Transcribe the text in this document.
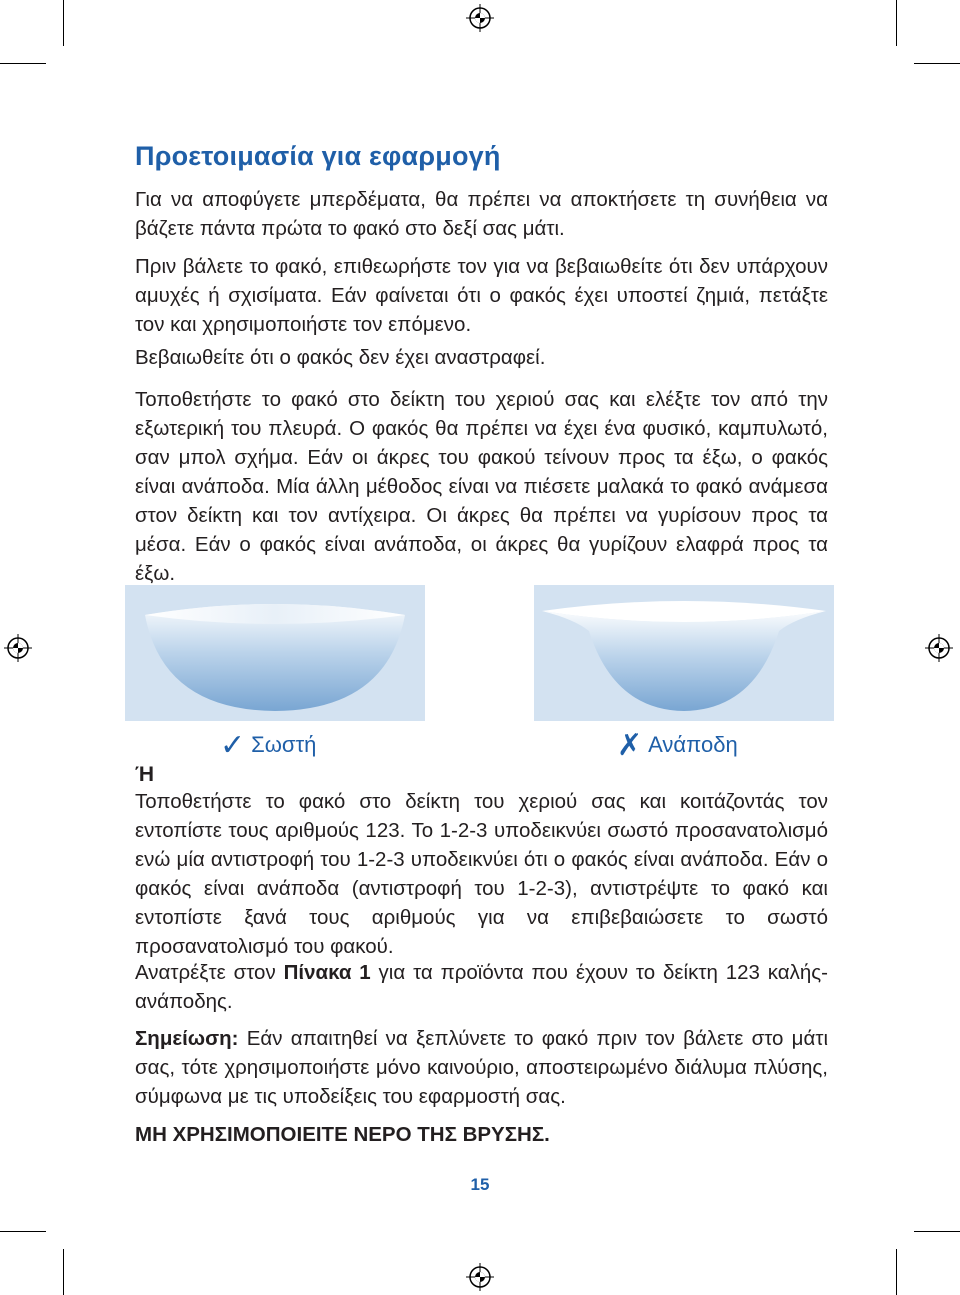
Προετοιμασία για εφαρμογή

Για να αποφύγετε μπερδέματα, θα πρέπει να αποκτήσετε τη συνήθεια να βάζετε πάντα πρώτα το φακό στο δεξί σας μάτι.

Πριν βάλετε το φακό, επιθεωρήστε τον για να βεβαιωθείτε ότι δεν υπάρχουν αμυχές ή σχισίματα. Εάν φαίνεται ότι ο φακός έχει υποστεί ζημιά, πετάξτε τον και χρησιμοποιήστε τον επόμενο.

Βεβαιωθείτε ότι ο φακός δεν έχει αναστραφεί.

Τοποθετήστε το φακό στο δείκτη του χεριού σας και ελέξτε τον από την εξωτερική του πλευρά. Ο φακός θα πρέπει να έχει ένα φυσικό, καμπυλωτό, σαν μπολ σχήμα. Εάν οι άκρες του φακού τείνουν προς τα έξω, ο φακός είναι ανάποδα. Μία άλλη μέθοδος είναι να πιέσετε μαλακά το φακό ανάμεσα στον δείκτη και τον αντίχειρα. Οι άκρες θα πρέπει να γυρίσουν προς τα μέσα. Εάν ο φακός είναι ανάποδα, οι άκρες θα γυρίζουν ελαφρά προς τα έξω.

✓ Σωστή	✗ Ανάποδη

Ή

Τοποθετήστε το φακό στο δείκτη του χεριού σας και κοιτάζοντάς τον εντοπίστε τους αριθμούς 123. Το 1-2-3 υποδεικνύει σωστό προσανατολισμό ενώ μία αντιστροφή του 1-2-3 υποδεικνύει ότι ο φακός είναι ανάποδα. Εάν ο φακός είναι ανάποδα (αντιστροφή του 1-2-3), αντιστρέψτε το φακό και εντοπίστε ξανά τους αριθμούς για να επιβεβαιώσετε το σωστό προσανατολισμό του φακού.

Ανατρέξτε στον Πίνακα 1 για τα προϊόντα που έχουν το δείκτη 123 καλής-ανάποδης.

Σημείωση: Εάν απαιτηθεί να ξεπλύνετε το φακό πριν τον βάλετε στο μάτι σας, τότε χρησιμοποιήστε μόνο καινούριο, αποστειρωμένο διάλυμα πλύσης, σύμφωνα με τις υποδείξεις του εφαρμοστή σας.

ΜΗ ΧΡΗΣΙΜΟΠΟΙΕΙΤΕ ΝΕΡΟ ΤΗΣ ΒΡΥΣΗΣ.

15
